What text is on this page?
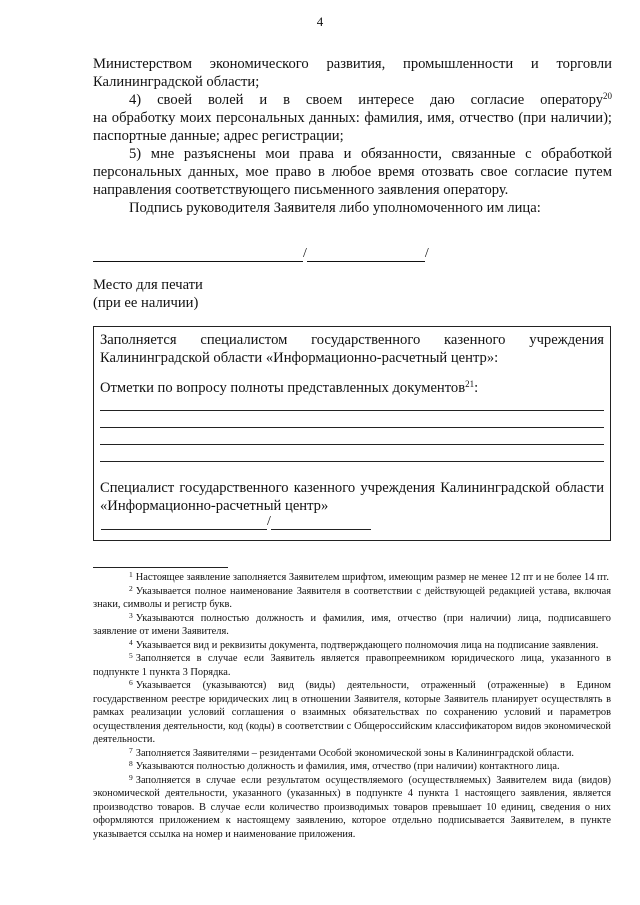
4

Министерством экономического развития, промышленности и торговли Калининградской области;

4) своей волей и в своем интересе даю согласие оператору$^{20}$

на обработку моих персональных данных: фамилия, имя, отчество (при наличии); паспортные данные; адрес регистрации;

5) мне разъяснены мои права и обязанности, связанные с обработкой персональных данных, мое право в любое время отозвать свое согласие путем направления соответствующего письменного заявления оператору.

Подпись руководителя Заявителя либо уполномоченного им лица:

/	/
Место для печати
(при ее наличии)

Заполняется специалистом государственного казенного учреждения Калининградской области «Информационно-расчетный центр»:

Отметки по вопросу полноты представленных документов$^{21}$:

Специалист государственного казенного учреждения Калининградской области «Информационно-расчетный центр»

/

$^1$ Настоящее заявление заполняется Заявителем шрифтом, имеющим размер не менее 12 пт и не более 14 пт.

$^2$ Указывается полное наименование Заявителя в соответствии с действующей редакцией устава, включая знаки, символы и регистр букв.

$^3$ Указываются полностью должность и фамилия, имя, отчество (при наличии) лица, подписавшего заявление от имени Заявителя.

$^4$ Указывается вид и реквизиты документа, подтверждающего полномочия лица на подписание заявления.

$^5$ Заполняется в случае если Заявитель является правопреемником юридического лица, указанного в подпункте 1 пункта 3 Порядка.

$^6$ Указывается (указываются) вид (виды) деятельности, отраженный (отраженные) в Едином государственном реестре юридических лиц в отношении Заявителя, которые Заявитель планирует осуществлять в рамках реализации условий соглашения о взаимных обязательствах по сохранению условий и параметров осуществления деятельности, код (коды) в соответствии с Общероссийским классификатором видов экономической деятельности.

$^7$ Заполняется Заявителями – резидентами Особой экономической зоны в Калининградской области.

$^8$ Указываются полностью должность и фамилия, имя, отчество (при наличии) контактного лица.

$^9$ Заполняется в случае если результатом осуществляемого (осуществляемых) Заявителем вида (видов) экономической деятельности, указанного (указанных) в подпункте 4 пункта 1 настоящего заявления, является производство товаров. В случае если количество производимых товаров превышает 10 единиц, сведения о них оформляются приложением к настоящему заявлению, которое отдельно подписывается Заявителем, в пункте указывается ссылка на номер и наименование приложения.
